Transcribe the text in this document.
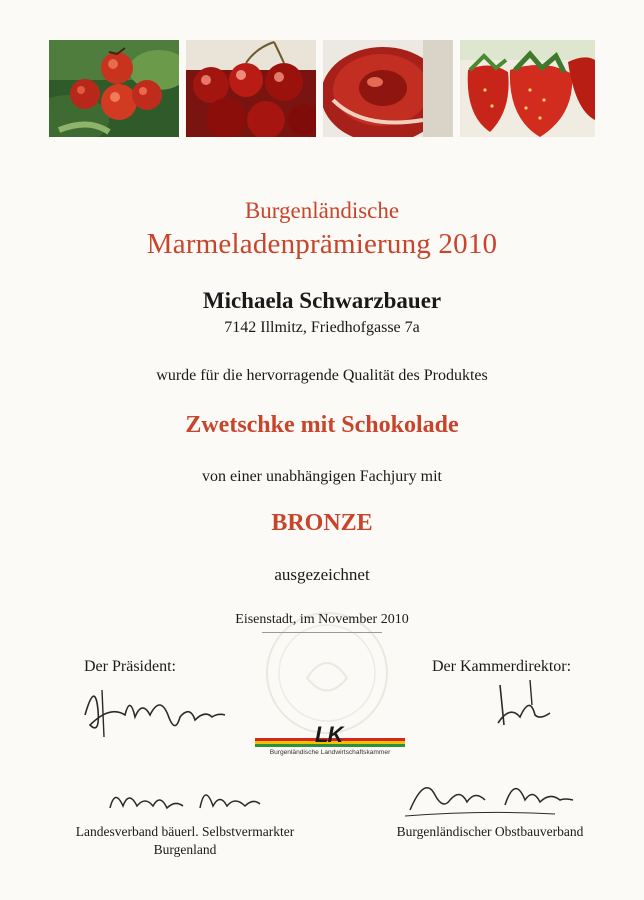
Burgenländische
Marmeladenprämierung 2010
Michaela Schwarzbauer
7142 Illmitz, Friedhofgasse 7a
wurde für die hervorragende Qualität des Produktes
Zwetschke mit Schokolade
von einer unabhängigen Fachjury mit
BRONZE
ausgezeichnet
Eisenstadt, im November 2010
Der Präsident:	Der Kammerdirektor:
LK
Burgenländische Landwirtschaftskammer
Landesverband bäuerl. Selbstvermarkter
Burgenland
Burgenländischer Obstbauverband
